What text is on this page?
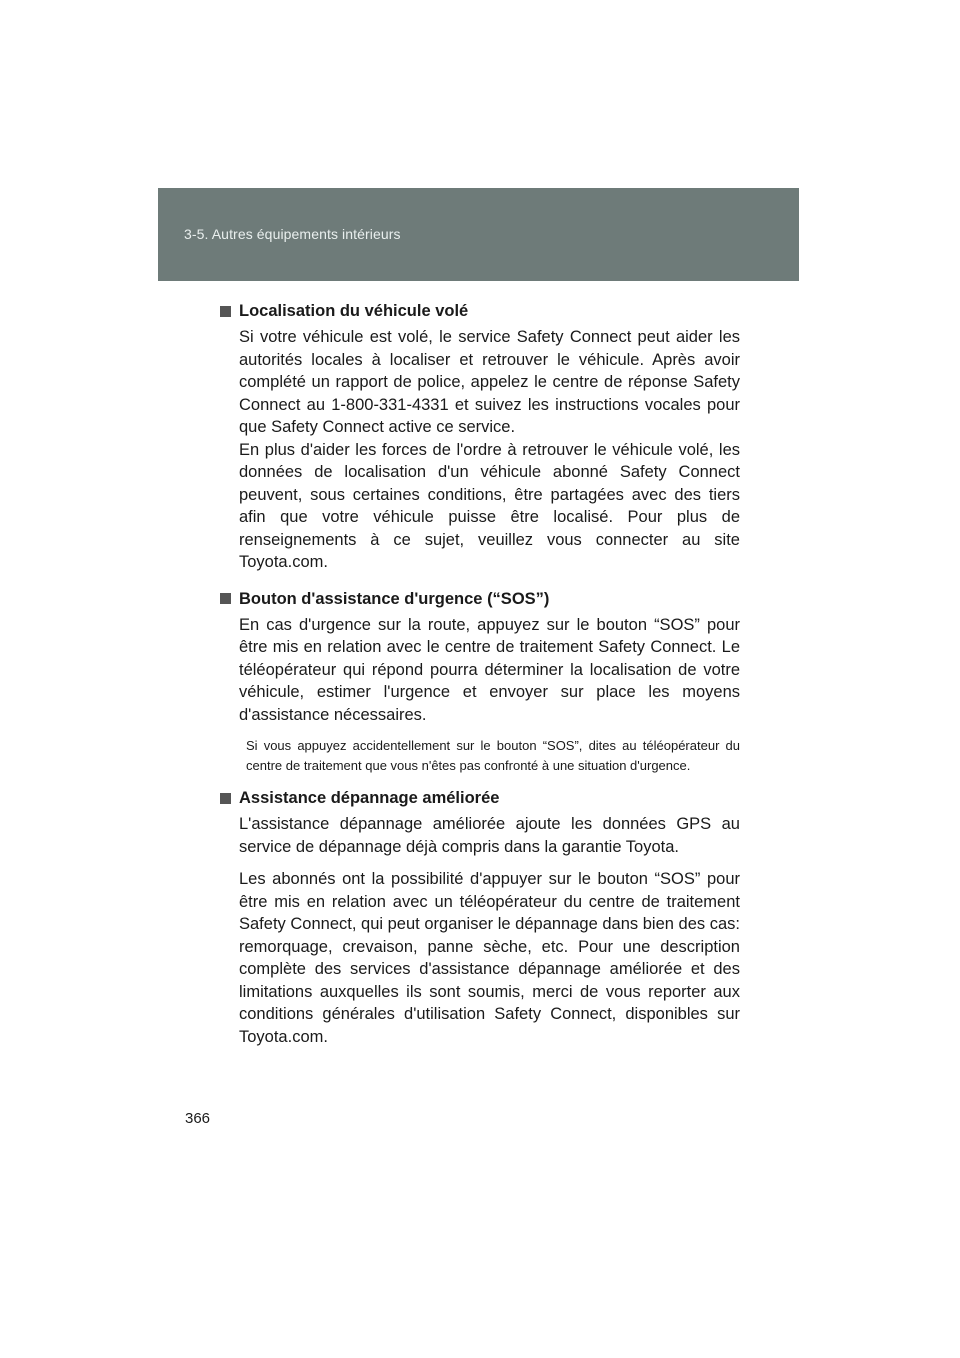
3-5. Autres équipements intérieurs
Localisation du véhicule volé

Si votre véhicule est volé, le service Safety Connect peut aider les autorités locales à localiser et retrouver le véhicule. Après avoir complété un rapport de police, appelez le centre de réponse Safety Connect au 1-800-331-4331 et suivez les instructions vocales pour que Safety Connect active ce service.

En plus d'aider les forces de l'ordre à retrouver le véhicule volé, les données de localisation d'un véhicule abonné Safety Connect peuvent, sous certaines conditions, être partagées avec des tiers afin que votre véhicule puisse être localisé. Pour plus de renseignements à ce sujet, veuillez vous connecter au site Toyota.com.

Bouton d'assistance d'urgence (“SOS”)

En cas d'urgence sur la route, appuyez sur le bouton “SOS” pour être mis en relation avec le centre de traitement Safety Connect. Le téléopérateur qui répond pourra déterminer la localisation de votre véhicule, estimer l'urgence et envoyer sur place les moyens d'assistance nécessaires.

Si vous appuyez accidentellement sur le bouton “SOS”, dites au téléopérateur du centre de traitement que vous n'êtes pas confronté à une situation d'urgence.

Assistance dépannage améliorée

L'assistance dépannage améliorée ajoute les données GPS au service de dépannage déjà compris dans la garantie Toyota.

Les abonnés ont la possibilité d'appuyer sur le bouton “SOS” pour être mis en relation avec un téléopérateur du centre de traitement Safety Connect, qui peut organiser le dépannage dans bien des cas: remorquage, crevaison, panne sèche, etc. Pour une description complète des services d'assistance dépannage améliorée et des limitations auxquelles ils sont soumis, merci de vous reporter aux conditions générales d'utilisation Safety Connect, disponibles sur Toyota.com.

366
